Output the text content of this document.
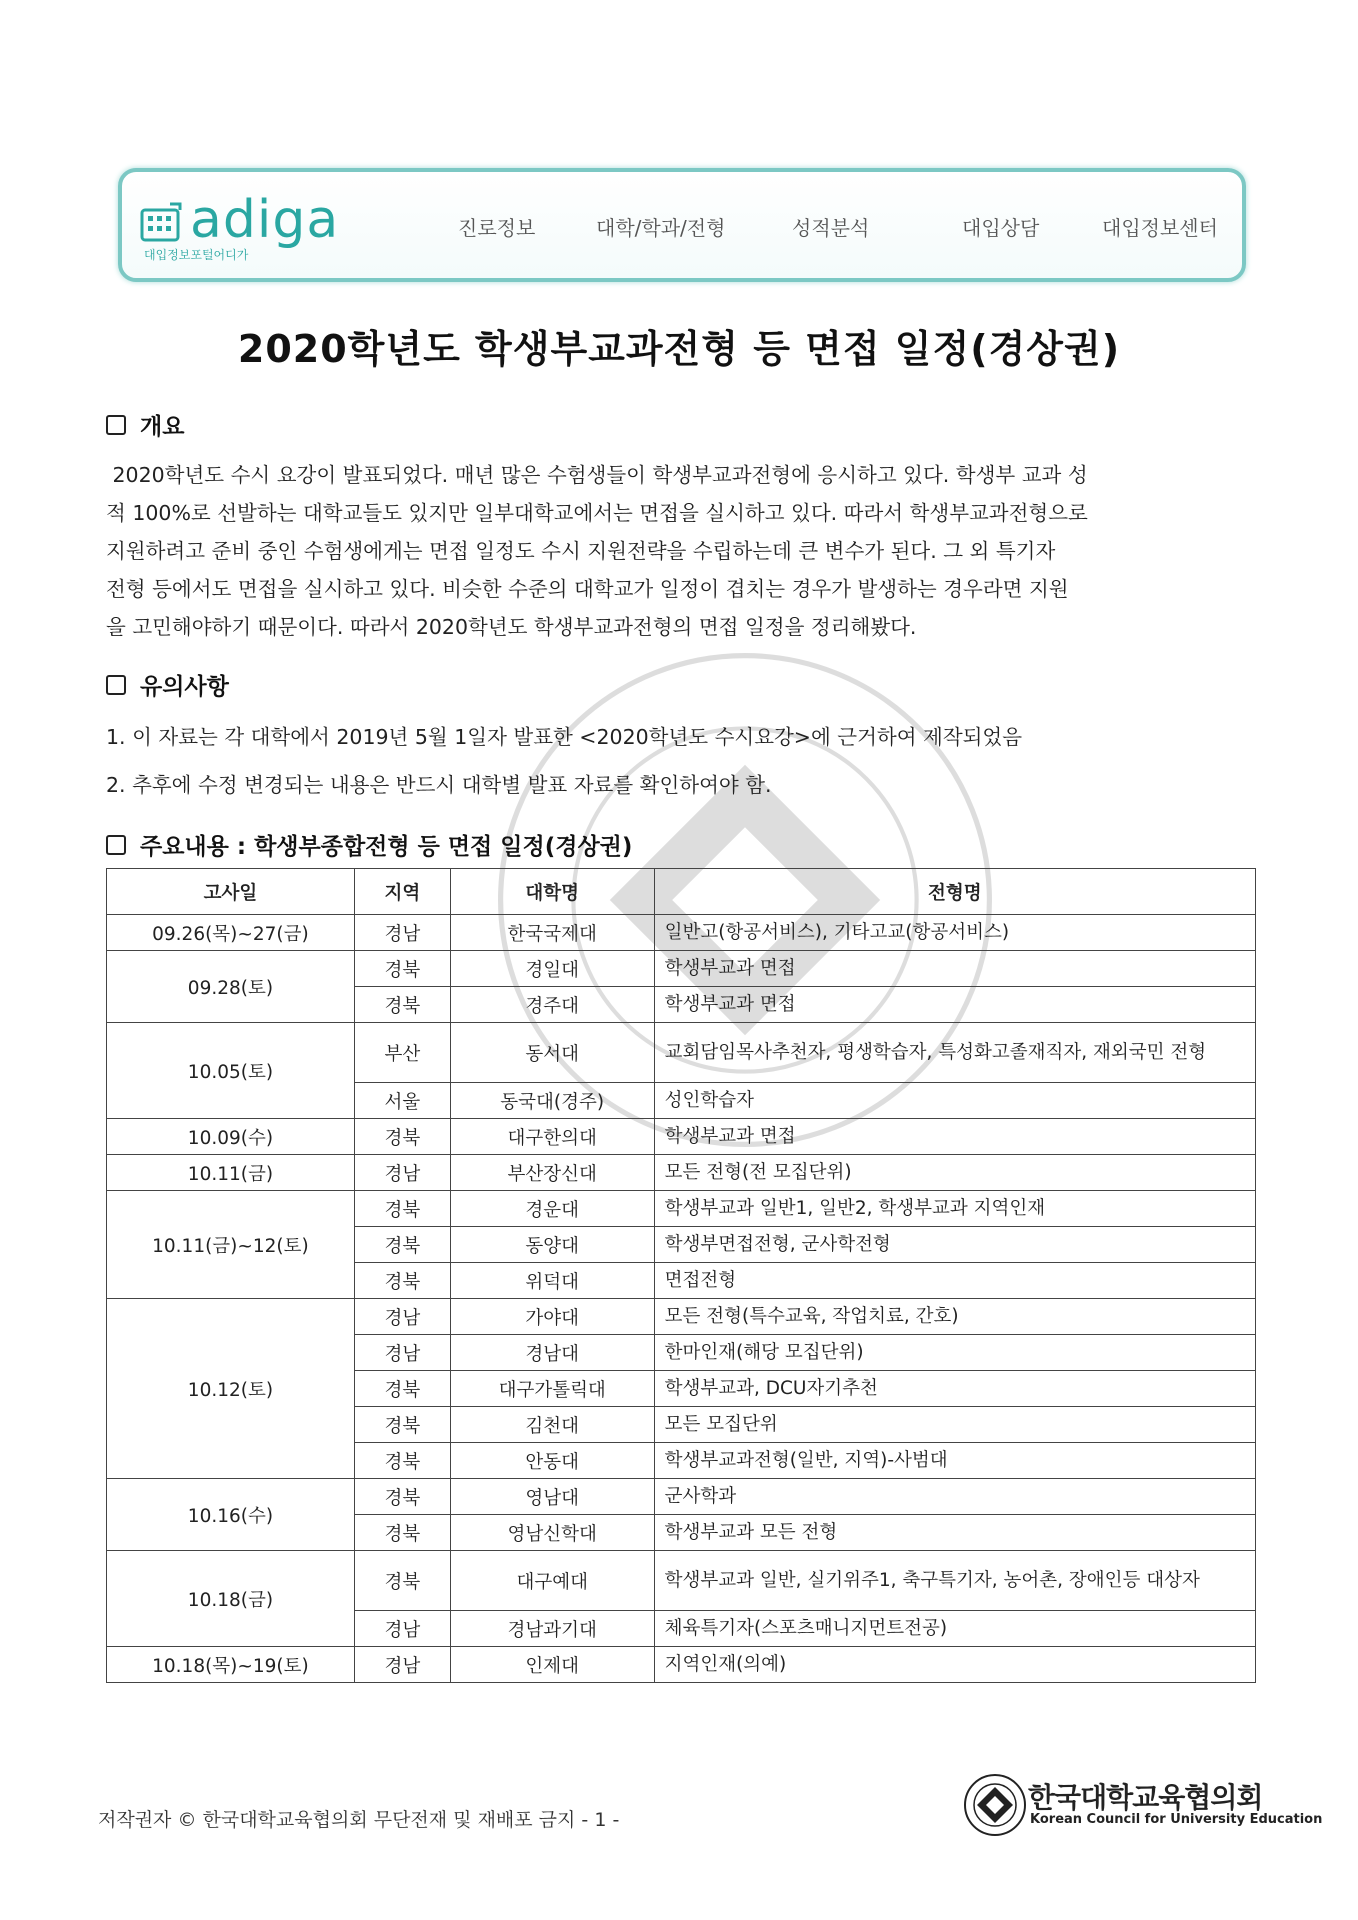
adiga
대입정보포털어디가
진로정보	대학/학과/전형	성적분석	대입상담	대입정보센터
2020학년도 학생부교과전형 등 면접 일정(경상권)
개요
2020학년도 수시 요강이 발표되었다. 매년 많은 수험생들이 학생부교과전형에 응시하고 있다. 학생부 교과 성
적 100%로 선발하는 대학교들도 있지만 일부대학교에서는 면접을 실시하고 있다. 따라서 학생부교과전형으로
지원하려고 준비 중인 수험생에게는 면접 일정도 수시 지원전략을 수립하는데 큰 변수가 된다. 그 외 특기자
전형 등에서도 면접을 실시하고 있다. 비슷한 수준의 대학교가 일정이 겹치는 경우가 발생하는 경우라면 지원
을 고민해야하기 때문이다. 따라서 2020학년도 학생부교과전형의 면접 일정을 정리해봤다.
유의사항
1. 이 자료는 각 대학에서 2019년 5월 1일자 발표한 <2020학년도 수시요강>에 근거하여 제작되었음
2. 추후에 수정 변경되는 내용은 반드시 대학별 발표 자료를 확인하여야 함.
주요내용 : 학생부종합전형 등 면접 일정(경상권)
고사일	지역	대학명	전형명
09.26(목)~27(금)	경남	한국국제대	일반고(항공서비스), 기타고교(항공서비스)
09.28(토)	경북	경일대	학생부교과 면접
	경북	경주대	학생부교과 면접
10.05(토)	부산	동서대	교회담임목사추천자, 평생학습자, 특성화고졸재직자, 재외국민 전형
	서울	동국대(경주)	성인학습자
10.09(수)	경북	대구한의대	학생부교과 면접
10.11(금)	경남	부산장신대	모든 전형(전 모집단위)
10.11(금)~12(토)	경북	경운대	학생부교과 일반1, 일반2, 학생부교과 지역인재
	경북	동양대	학생부면접전형, 군사학전형
	경북	위덕대	면접전형
10.12(토)	경남	가야대	모든 전형(특수교육, 작업치료, 간호)
	경남	경남대	한마인재(해당 모집단위)
	경북	대구가톨릭대	학생부교과, DCU자기추천
	경북	김천대	모든 모집단위
	경북	안동대	학생부교과전형(일반, 지역)-사범대
10.16(수)	경북	영남대	군사학과
	경북	영남신학대	학생부교과 모든 전형
10.18(금)	경북	대구예대	학생부교과 일반, 실기위주1, 축구특기자, 농어촌, 장애인등 대상자
	경남	경남과기대	체육특기자(스포츠매니지먼트전공)
10.18(목)~19(토)	경남	인제대	지역인재(의예)
저작권자 © 한국대학교육협의회 무단전재 및 재배포 금지 - 1 -
한국대학교육협의회
Korean Council for University Education
